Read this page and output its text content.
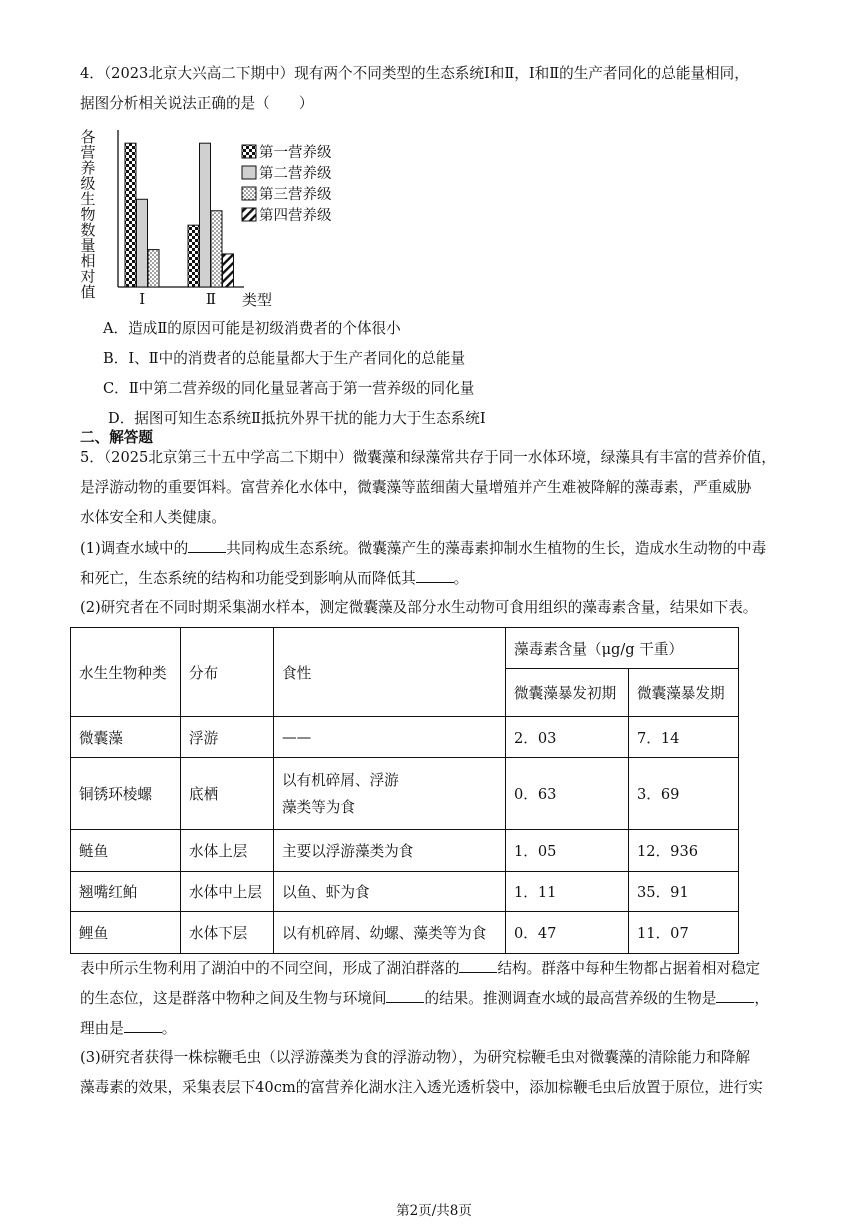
4．（2023北京大兴高二下期中）现有两个不同类型的生态系统Ⅰ和Ⅱ，Ⅰ和Ⅱ的生产者同化的总能量相同，
据图分析相关说法正确的是（　　）
各营养级生物数量相对值	类型
Ⅰ	Ⅱ
第一营养级
第二营养级
第三营养级
第四营养级
A．造成Ⅱ的原因可能是初级消费者的个体很小
B．Ⅰ、Ⅱ中的消费者的总能量都大于生产者同化的总能量
C．Ⅱ中第二营养级的同化量显著高于第一营养级的同化量
D．据图可知生态系统Ⅱ抵抗外界干扰的能力大于生态系统Ⅰ
二、解答题
5．（2025北京第三十五中学高二下期中）微囊藻和绿藻常共存于同一水体环境，绿藻具有丰富的营养价值，
是浮游动物的重要饵料。富营养化水体中，微囊藻等蓝细菌大量增殖并产生难被降解的藻毒素，严重威胁
水体安全和人类健康。
(1)调查水域中的	共同构成生态系统。微囊藻产生的藻毒素抑制水生植物的生长，造成水生动物的中毒
和死亡，生态系统的结构和功能受到影响从而降低其	。
(2)研究者在不同时期采集湖水样本，测定微囊藻及部分水生动物可食用组织的藻毒素含量，结果如下表。
水生生物种类	分布	食性	藻毒素含量（μg/g 干重）	
			微囊藻暴发初期	微囊藻暴发期
微囊藻	浮游	——	2．03	7．14
铜锈环棱螺	底栖	以有机碎屑、浮游
藻类等为食	0．63	3．69
鲢鱼	水体上层	主要以浮游藻类为食	1．05	12．936
翘嘴红鲌	水体中上层	以鱼、虾为食	1．11	35．91
鲤鱼	水体下层	以有机碎屑、幼螺、藻类等为食	0．47	11．07
表中所示生物利用了湖泊中的不同空间，形成了湖泊群落的	结构。群落中每种生物都占据着相对稳定
的生态位，这是群落中物种之间及生物与环境间	的结果。推测调查水域的最高营养级的生物是	，
理由是	。
(3)研究者获得一株棕鞭毛虫（以浮游藻类为食的浮游动物），为研究棕鞭毛虫对微囊藻的清除能力和降解
藻毒素的效果，采集表层下40cm的富营养化湖水注入透光透析袋中，添加棕鞭毛虫后放置于原位，进行实
第2页/共8页
